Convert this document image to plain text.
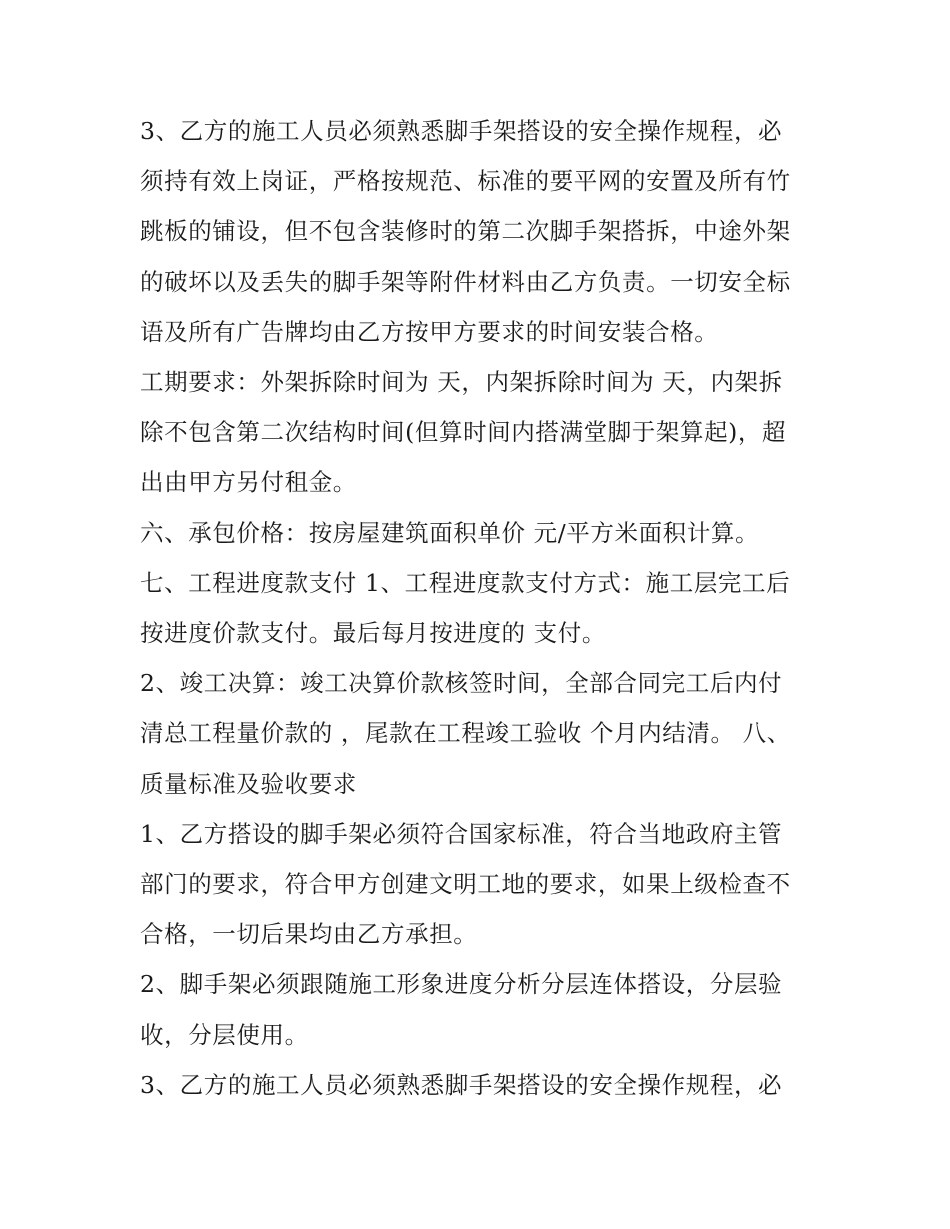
3、乙方的施工人员必须熟悉脚手架搭设的安全操作规程，必

须持有效上岗证，严格按规范、标准的要平网的安置及所有竹

跳板的铺设，但不包含装修时的第二次脚手架搭拆，中途外架

的破坏以及丢失的脚手架等附件材料由乙方负责。一切安全标

语及所有广告牌均由乙方按甲方要求的时间安装合格。

工期要求：外架拆除时间为 天，内架拆除时间为 天，内架拆

除不包含第二次结构时间(但算时间内搭满堂脚于架算起)，超

出由甲方另付租金。

六、承包价格：按房屋建筑面积单价 元/平方米面积计算。

七、工程进度款支付 1、工程进度款支付方式：施工层完工后

按进度价款支付。最后每月按进度的 支付。

2、竣工决算：竣工决算价款核签时间，全部合同完工后内付

清总工程量价款的 ，尾款在工程竣工验收 个月内结清。 八、

质量标准及验收要求

1、乙方搭设的脚手架必须符合国家标准，符合当地政府主管

部门的要求，符合甲方创建文明工地的要求，如果上级检查不

合格，一切后果均由乙方承担。

2、脚手架必须跟随施工形象进度分析分层连体搭设，分层验

收，分层使用。

3、乙方的施工人员必须熟悉脚手架搭设的安全操作规程，必
